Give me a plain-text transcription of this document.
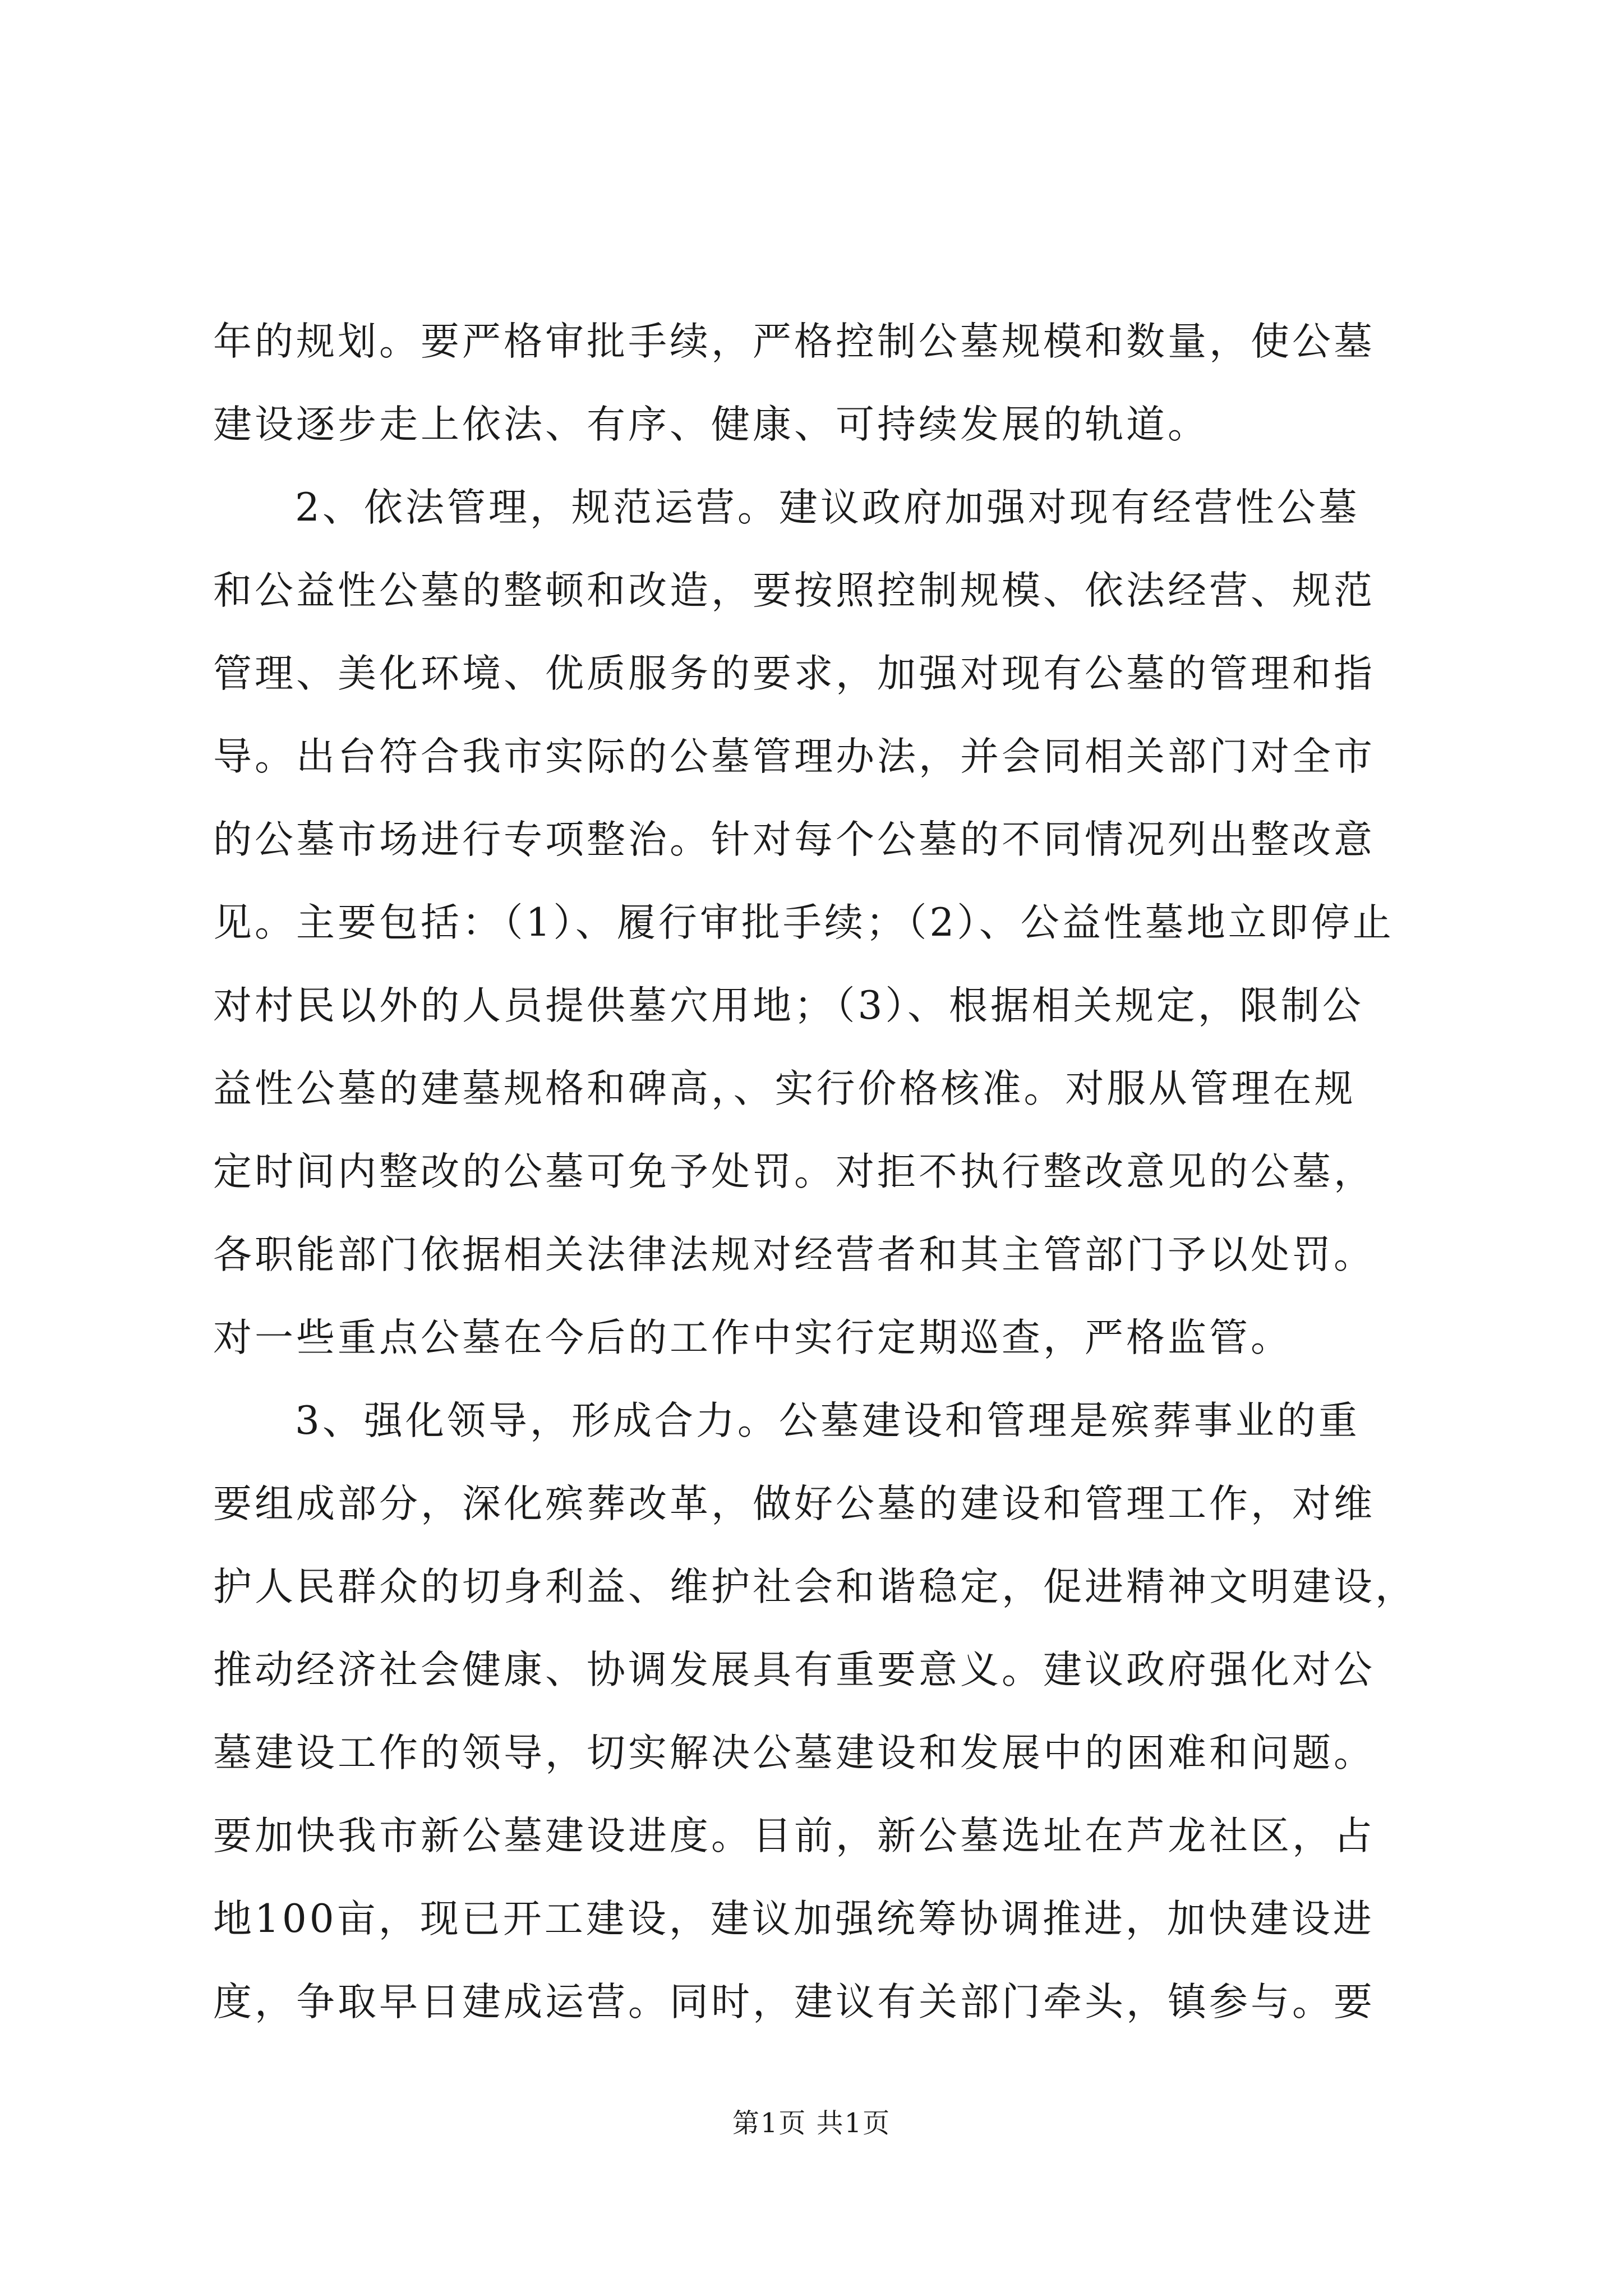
年的规划。要严格审批手续，严格控制公墓规模和数量，使公墓
建设逐步走上依法、有序、健康、可持续发展的轨道。
2、依法管理，规范运营。建议政府加强对现有经营性公墓
和公益性公墓的整顿和改造，要按照控制规模、依法经营、规范
管理、美化环境、优质服务的要求，加强对现有公墓的管理和指
导。出台符合我市实际的公墓管理办法，并会同相关部门对全市
的公墓市场进行专项整治。针对每个公墓的不同情况列出整改意
见。主要包括：（1）、履行审批手续；（2）、公益性墓地立即停止
对村民以外的人员提供墓穴用地；（3）、根据相关规定，限制公
益性公墓的建墓规格和碑高，、实行价格核准。对服从管理在规
定时间内整改的公墓可免予处罚。对拒不执行整改意见的公墓，
各职能部门依据相关法律法规对经营者和其主管部门予以处罚。
对一些重点公墓在今后的工作中实行定期巡查，严格监管。
3、强化领导，形成合力。公墓建设和管理是殡葬事业的重
要组成部分，深化殡葬改革，做好公墓的建设和管理工作，对维
护人民群众的切身利益、维护社会和谐稳定，促进精神文明建设，
推动经济社会健康、协调发展具有重要意义。建议政府强化对公
墓建设工作的领导，切实解决公墓建设和发展中的困难和问题。
要加快我市新公墓建设进度。目前，新公墓选址在芦龙社区，占
地100亩，现已开工建设，建议加强统筹协调推进，加快建设进
度，争取早日建成运营。同时，建议有关部门牵头，镇参与。要
第1页 共1页
